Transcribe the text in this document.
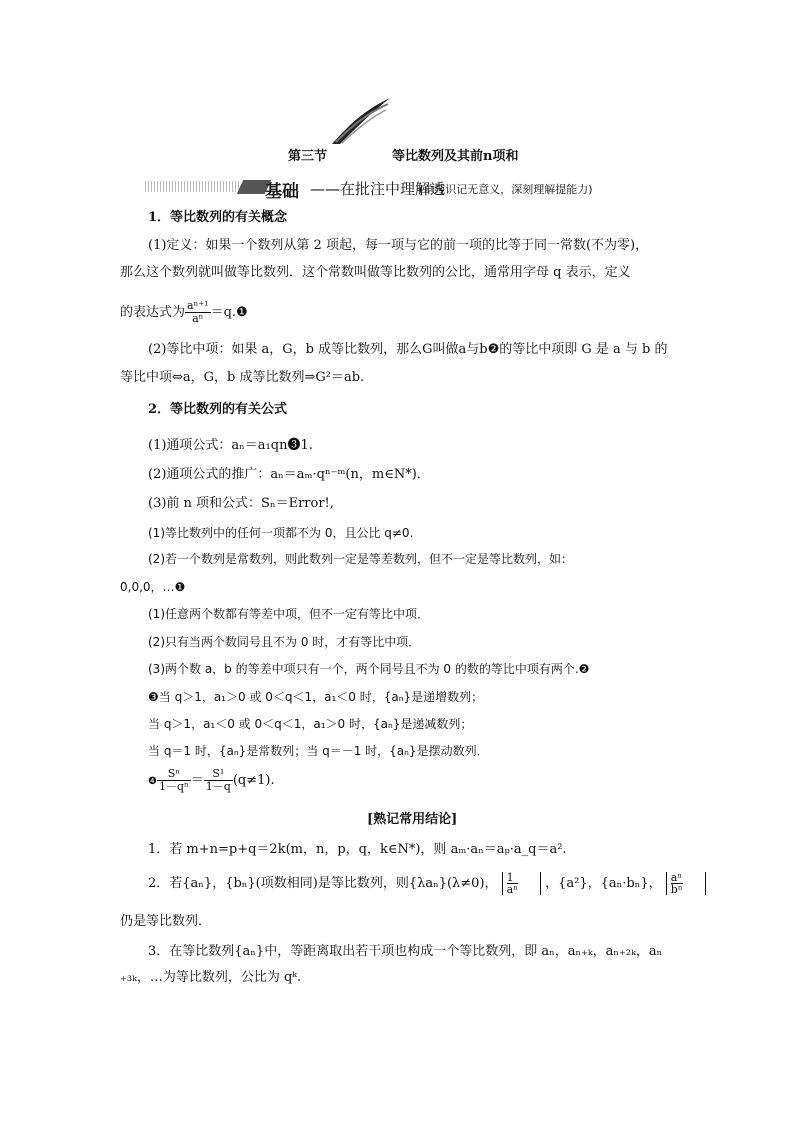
第三节	等比数列及其前n项和
基础 ——在批注中理解透
(单纯识记无意义，深刻理解提能力)
1．等比数列的有关概念
(1)定义：如果一个数列从第 2 项起，每一项与它的前一项的比等于同一常数(不为零)，
那么这个数列就叫做等比数列．这个常数叫做等比数列的公比，通常用字母 q 表示，定义
的表达式为 $\frac{\text{aⁿ⁺¹}}{\text{aⁿ}}$ ＝q.❶
(2)等比中项：如果 a，G，b 成等比数列，那么G叫做a与b❷的等比中项即 G 是 a 与 b 的
等比中项⇔a，G，b 成等比数列⇒G²＝ab.
2．等比数列的有关公式
(1)通项公式：aₙ＝a₁qn❸1.
(2)通项公式的推广：aₙ＝aₘ·qⁿ⁻ᵐ(n，m∈N*)．
(3)前 n 项和公式：Sₙ＝Error!,
(1)等比数列中的任何一项都不为 0，且公比 q≠0.
(2)若一个数列是常数列，则此数列一定是等差数列，但不一定是等比数列，如：
0,0,0，…❶
(1)任意两个数都有等差中项，但不一定有等比中项．
(2)只有当两个数同号且不为 0 时，才有等比中项．
(3)两个数 a，b 的等差中项只有一个，两个同号且不为 0 的数的等比中项有两个.❷
❸当 q＞1，a₁＞0 或 0＜q＜1，a₁＜0 时，{aₙ}是递增数列；
当 q＞1，a₁＜0 或 0＜q＜1，a₁＞0 时，{aₙ}是递减数列；
当 q＝1 时，{aₙ}是常数列；当 q＝－1 时，{aₙ}是摆动数列．
❹ $\frac{\text{Sⁿ}}{\text{1－qⁿ}} = \frac{\text{S¹}}{1-q} (q\ne 1)$.
[熟记常用结论]
1．若 m+n=p+q＝2k(m，n，p，q，k∈N*)，则 aₘ·aₙ＝aₚ·a_q＝a².
2．若{aₙ}，{bₙ}(项数相同)是等比数列，则{λaₙ}(λ≠0)， $\frac{1}{\text{aⁿ}}$ ，{a²}，{aₙ·bₙ}， $\frac{\text{aⁿ}}{\text{bⁿ}}$
仍是等比数列．
3．在等比数列{aₙ}中，等距离取出若干项也构成一个等比数列，即 aₙ，aₙ₊ₖ，aₙ₊₂ₖ，aₙ
₊₃ₖ，…为等比数列，公比为 qᵏ.
